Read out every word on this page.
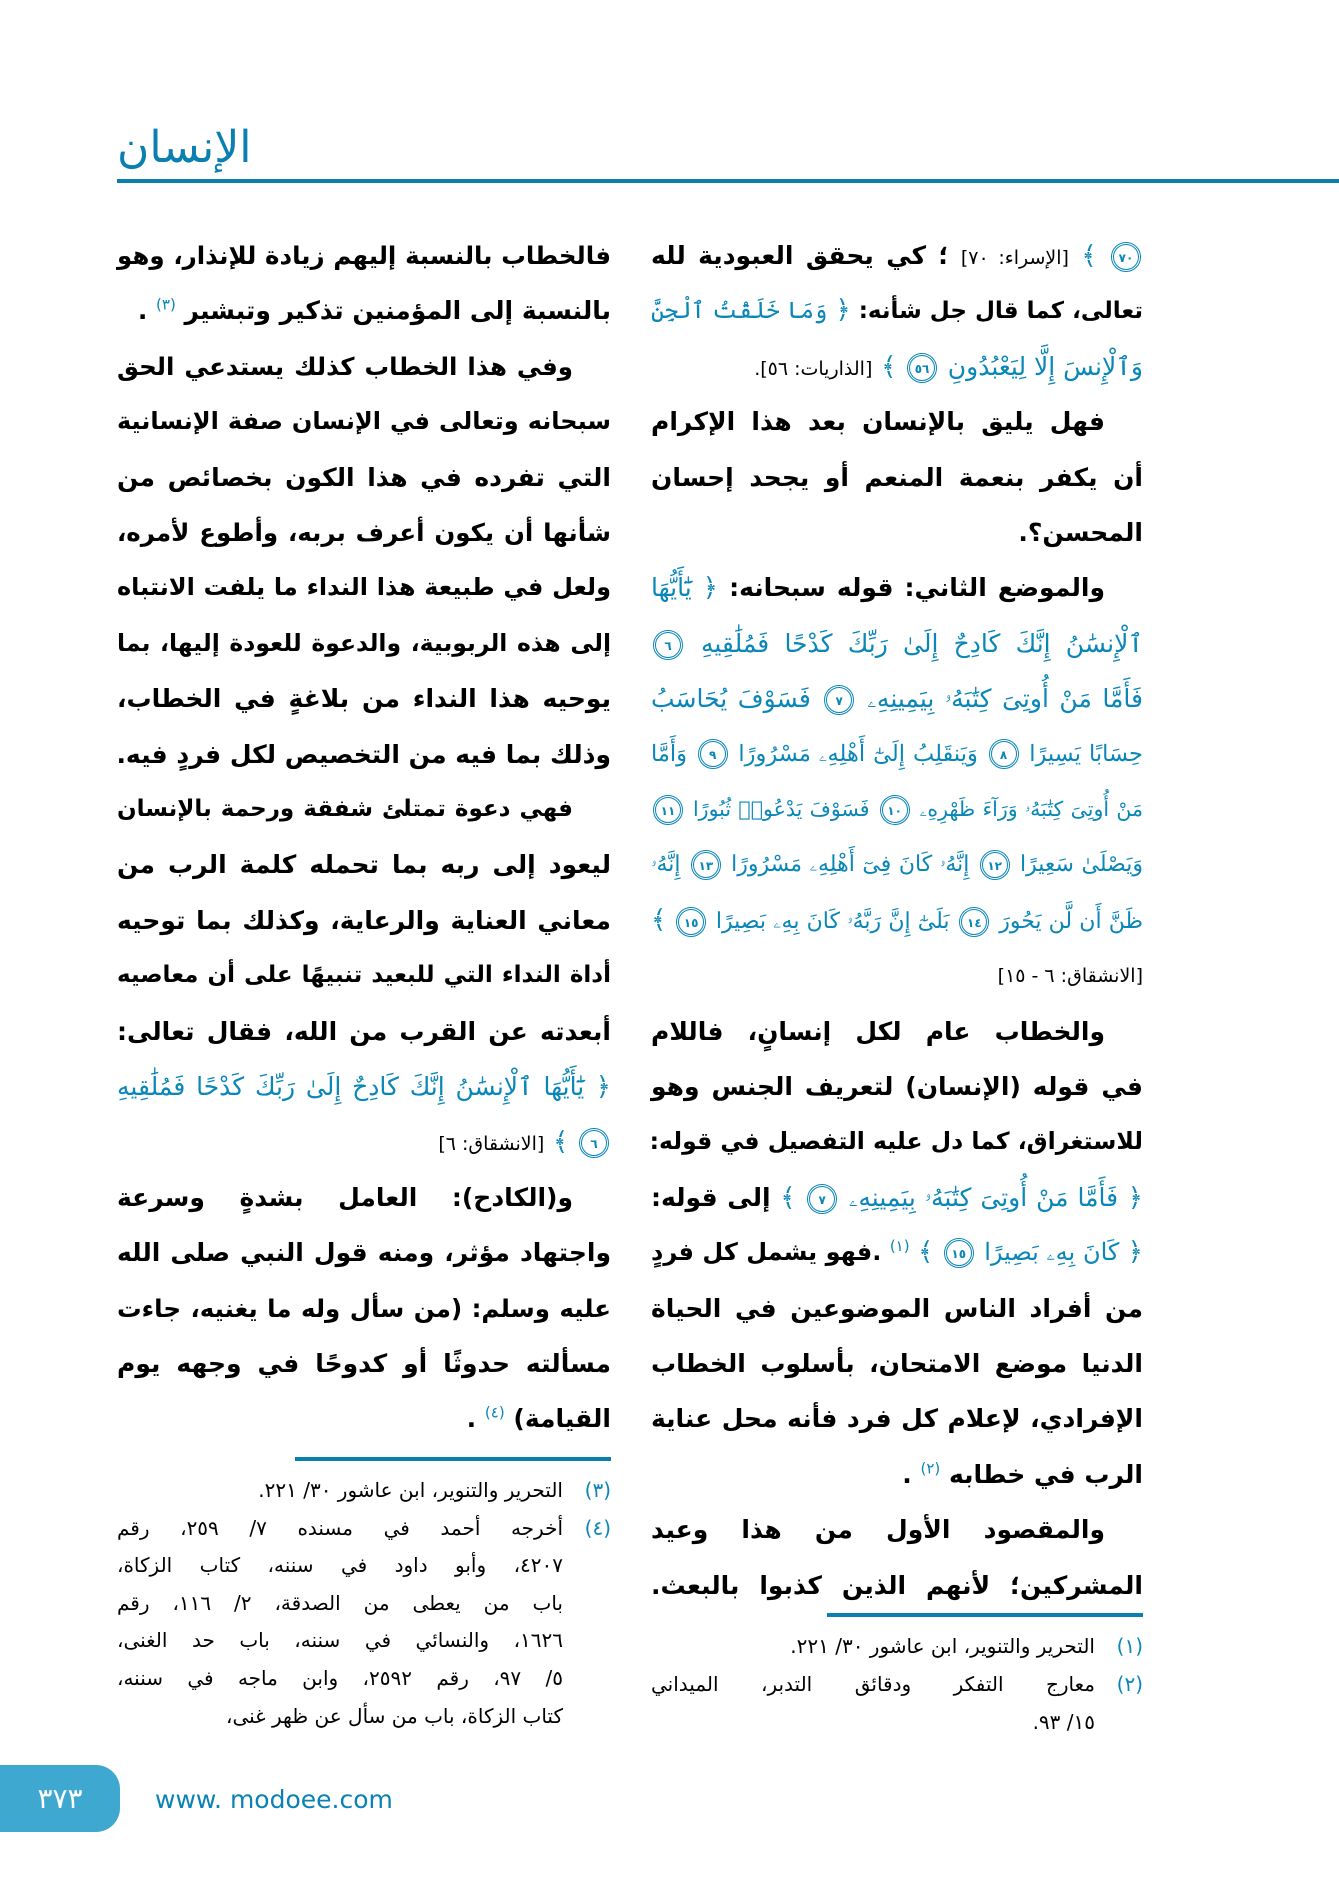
الإنسان
٧٠ ﴾ [الإسراء: ٧٠] ؛ كي يحقق العبودية لله
تعالى، كما قال جل شأنه: ﴿ وَمَا خَلَقْتُ ٱلْجِنَّ
وَٱلْإِنسَ إِلَّا لِيَعْبُدُونِ ٥٦ ﴾ [الذاريات: ٥٦].
فهل يليق بالإنسان بعد هذا الإكرام
أن يكفر بنعمة المنعم أو يجحد إحسان
المحسن؟.
والموضع الثاني: قوله سبحانه: ﴿ يَٰٓأَيُّهَا
ٱلْإِنسَٰنُ إِنَّكَ كَادِحٌ إِلَىٰ رَبِّكَ كَدْحًا فَمُلَٰقِيهِ ٦
فَأَمَّا مَنْ أُوتِىَ كِتَٰبَهُۥ بِيَمِينِهِۦ ٧ فَسَوْفَ يُحَاسَبُ
حِسَابًا يَسِيرًا ٨ وَيَنقَلِبُ إِلَىٰٓ أَهْلِهِۦ مَسْرُورًا ٩ وَأَمَّا
مَنْ أُوتِىَ كِتَٰبَهُۥ وَرَآءَ ظَهْرِهِۦ ١٠ فَسَوْفَ يَدْعُوا۟ ثُبُورًا ١١
وَيَصْلَىٰ سَعِيرًا ١٢ إِنَّهُۥ كَانَ فِىٓ أَهْلِهِۦ مَسْرُورًا ١٣ إِنَّهُۥ
ظَنَّ أَن لَّن يَحُورَ ١٤ بَلَىٰٓ إِنَّ رَبَّهُۥ كَانَ بِهِۦ بَصِيرًا ١٥ ﴾
[الانشقاق: ٦ - ١٥]
والخطاب عام لكل إنسانٍ، فاللام
في قوله (الإنسان) لتعريف الجنس وهو
للاستغراق، كما دل عليه التفصيل في قوله:
﴿ فَأَمَّا مَنْ أُوتِىَ كِتَٰبَهُۥ بِيَمِينِهِۦ ٧ ﴾ إلى قوله:
﴿ كَانَ بِهِۦ بَصِيرًا ١٥ ﴾ $^{(١)}$ .فهو يشمل كل فردٍ
من أفراد الناس الموضوعين في الحياة
الدنيا موضع الامتحان، بأسلوب الخطاب
الإفرادي، لإعلام كل فرد فأنه محل عناية
الرب في خطابه $^{(٢)}$ .
والمقصود الأول من هذا وعيد
المشركين؛ لأنهم الذين كذبوا بالبعث.
فالخطاب بالنسبة إليهم زيادة للإنذار، وهو
بالنسبة إلى المؤمنين تذكير وتبشير $^{(٣)}$ .
وفي هذا الخطاب كذلك يستدعي الحق
سبحانه وتعالى في الإنسان صفة الإنسانية
التي تفرده في هذا الكون بخصائص من
شأنها أن يكون أعرف بربه، وأطوع لأمره،
ولعل في طبيعة هذا النداء ما يلفت الانتباه
إلى هذه الربوبية، والدعوة للعودة إليها، بما
يوحيه هذا النداء من بلاغةٍ في الخطاب،
وذلك بما فيه من التخصيص لكل فردٍ فيه.
فهي دعوة تمتلئ شفقة ورحمة بالإنسان
ليعود إلى ربه بما تحمله كلمة الرب من
معاني العناية والرعاية، وكذلك بما توحيه
أداة النداء التي للبعيد تنبيهًا على أن معاصيه
أبعدته عن القرب من الله، فقال تعالى:
﴿ يَٰٓأَيُّهَا ٱلْإِنسَٰنُ إِنَّكَ كَادِحٌ إِلَىٰ رَبِّكَ كَدْحًا فَمُلَٰقِيهِ
٦ ﴾ [الانشقاق: ٦]
و(الكادح): العامل بشدةٍ وسرعة
واجتهاد مؤثر، ومنه قول النبي صلى الله
عليه وسلم: (من سأل وله ما يغنيه، جاءت
مسألته حدوثًا أو كدوحًا في وجهه يوم
القيامة) $^{(٤)}$ .
(١)
التحرير والتنوير، ابن عاشور ٣٠/ ٢٢١.
(٢)
معارج التفكر ودقائق التدبر، الميداني
١٥/ ٩٣.
(٣)
التحرير والتنوير، ابن عاشور ٣٠/ ٢٢١.
(٤)
أخرجه أحمد في مسنده ٧/ ٢٥٩، رقم
٤٢٠٧، وأبو داود في سننه، كتاب الزكاة،
باب من يعطى من الصدقة، ٢/ ١١٦، رقم
١٦٢٦، والنسائي في سننه، باب حد الغنى،
٥/ ٩٧، رقم ٢٥٩٢، وابن ماجه في سننه،
كتاب الزكاة، باب من سأل عن ظهر غنى،
٣٧٣	www. modoee.com
